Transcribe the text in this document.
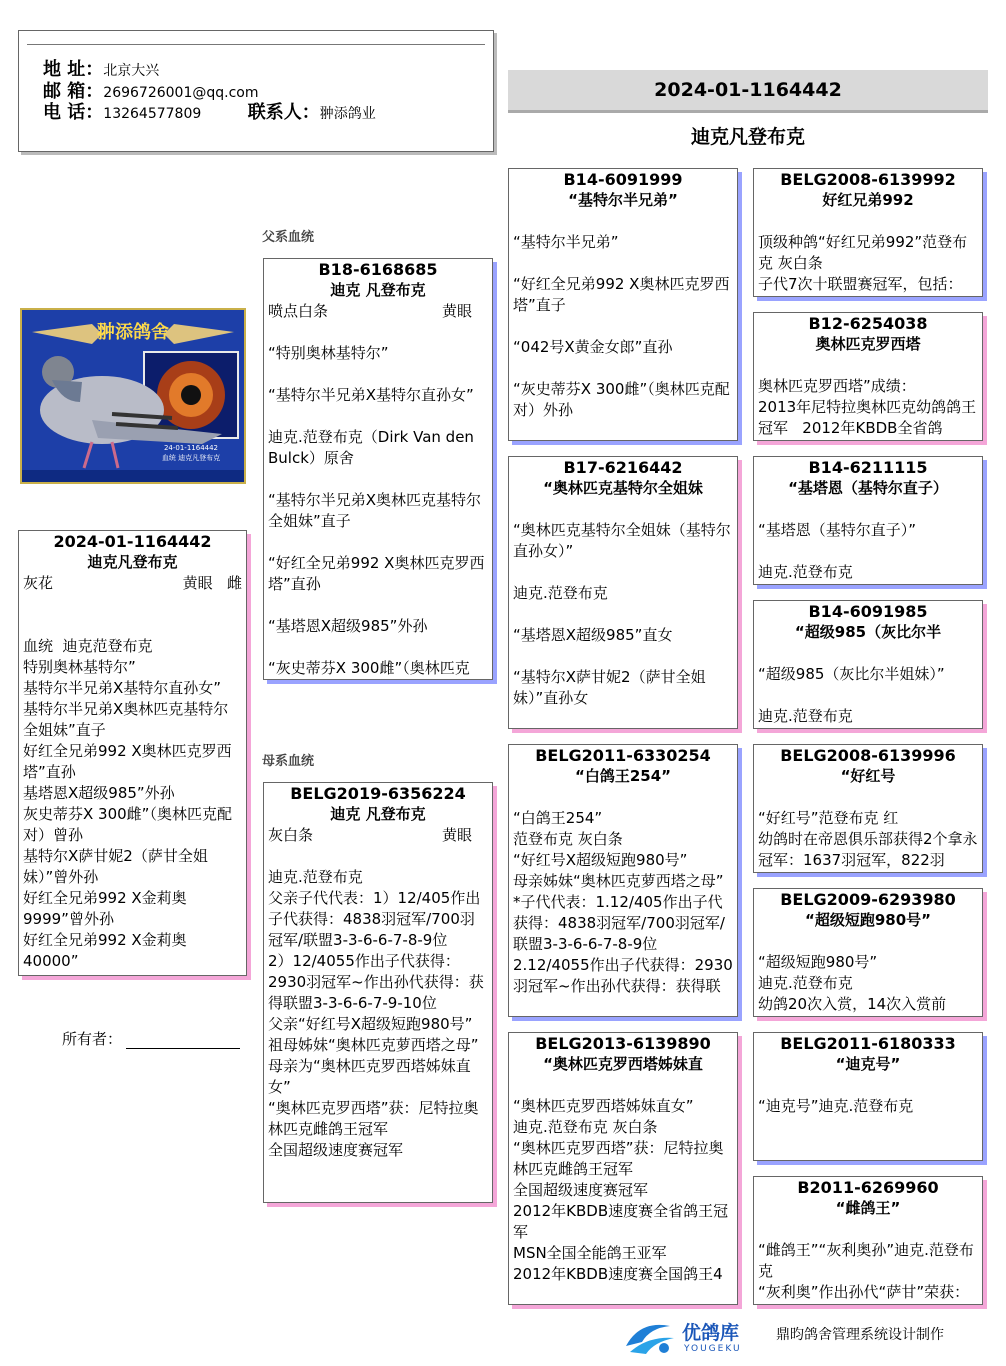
地 址：北京大兴
邮 箱：2696726001@qq.com
电 话：13264577809	联系人：翀添鸽业
2024-01-1164442
迪克凡登布克
父系血统
母系血统
翀添鸽舍
24-01-1164442
血统 迪克凡登布克
2024-01-1164442
迪克凡登布克
灰花	黄眼 雌

血统  迪克范登布克
特别奥林基特尔”
基特尔半兄弟X基特尔直孙女”
基特尔半兄弟X奥林匹克基特尔全姐妹”直子
好红全兄弟992 X奥林匹克罗西塔”直孙
基塔恩X超级985”外孙
灰史蒂芬X 300雌”（奥林匹克配对）曾孙
基特尔X萨甘妮2（萨甘全姐妹）”曾外孙
好红全兄弟992 X金莉奥9999”曾外孙
好红全兄弟992 X金莉奥40000”
所有者：
B18-6168685
迪克 凡登布克
喷点白条	黄眼

“特别奥林基特尔”

“基特尔半兄弟X基特尔直孙女”

迪克.范登布克（Dirk Van den Bulck）原舍

“基特尔半兄弟X奥林匹克基特尔全姐妹”直子

“好红全兄弟992 X奥林匹克罗西塔”直孙

“基塔恩X超级985”外孙

“灰史蒂芬X 300雌”（奥林匹克
BELG2019-6356224
迪克 凡登布克
灰白条	黄眼

迪克.范登布克
父亲子代代表：1）12/405作出子代获得：4838羽冠军/700羽冠军/联盟3-3-6-6-7-8-9位
2）12/4055作出子代获得：2930羽冠军~作出孙代获得：获得联盟3-3-6-6-7-9-10位
父亲“好红号X超级短跑980号”
祖母姊妹“奥林匹克萝西塔之母”
母亲为“奥林匹克罗西塔姊妹直女”
“奥林匹克罗西塔”获：尼特拉奥林匹克雌鸽王冠军
全国超级速度赛冠军
B14-6091999
“基特尔半兄弟”

“基特尔半兄弟”

“好红全兄弟992 X奥林匹克罗西塔”直子

“042号X黄金女郎”直孙

“灰史蒂芬X 300雌”（奥林匹克配对）外孙
B17-6216442
“奥林匹克基特尔全姐妹

“奥林匹克基特尔全姐妹（基特尔直孙女）”

迪克.范登布克

“基塔恩X超级985”直女

“基特尔X萨甘妮2（萨甘全姐妹）”直孙女
BELG2011-6330254
“白鸽王254”

“白鸽王254”
范登布克 灰白条
“好红号X超级短跑980号”
母亲姊妹“奥林匹克萝西塔之母”
*子代代表：1.12/405作出子代获得：4838羽冠军/700羽冠军/联盟3-3-6-6-7-8-9位
2.12/4055作出子代获得：2930羽冠军~作出孙代获得：获得联
BELG2013-6139890
“奥林匹克罗西塔姊妹直

“奥林匹克罗西塔姊妹直女”
迪克.范登布克 灰白条
“奥林匹克罗西塔”获：尼特拉奥林匹克雌鸽王冠军
全国超级速度赛冠军
2012年KBDB速度赛全省鸽王冠军
MSN全国全能鸽王亚军
2012年KBDB速度赛全国鸽王4
BELG2008-6139992
好红兄弟992

顶级种鸽“好红兄弟992”范登布克 灰白条
子代7次十联盟赛冠军，包括：
B12-6254038
奥林匹克罗西塔

奥林匹克罗西塔”成绩：
2013年尼特拉奥林匹克幼鸽鸽王冠军   2012年KBDB全省鸽
B14-6211115
“基塔恩（基特尔直子）

“基塔恩（基特尔直子）”

迪克.范登布克
B14-6091985
“超级985（灰比尔半

“超级985（灰比尔半姐妹）”

迪克.范登布克
BELG2008-6139996
“好红号

“好红号”范登布克 红
幼鸽时在帝恩俱乐部获得2个拿永冠军：1637羽冠军，822羽
BELG2009-6293980
“超级短跑980号”

“超级短跑980号”
迪克.范登布克
幼鸽20次入赏，14次入赏前
BELG2011-6180333
“迪克号”

“迪克号”迪克.范登布克
B2011-6269960
“雌鸽王”

“雌鸽王”“灰利奥孙”迪克.范登布克
“灰利奥”作出孙代“萨甘”荣获：
优鸽库
YOUGEKU
鼎昀鸽舍管理系统设计制作
